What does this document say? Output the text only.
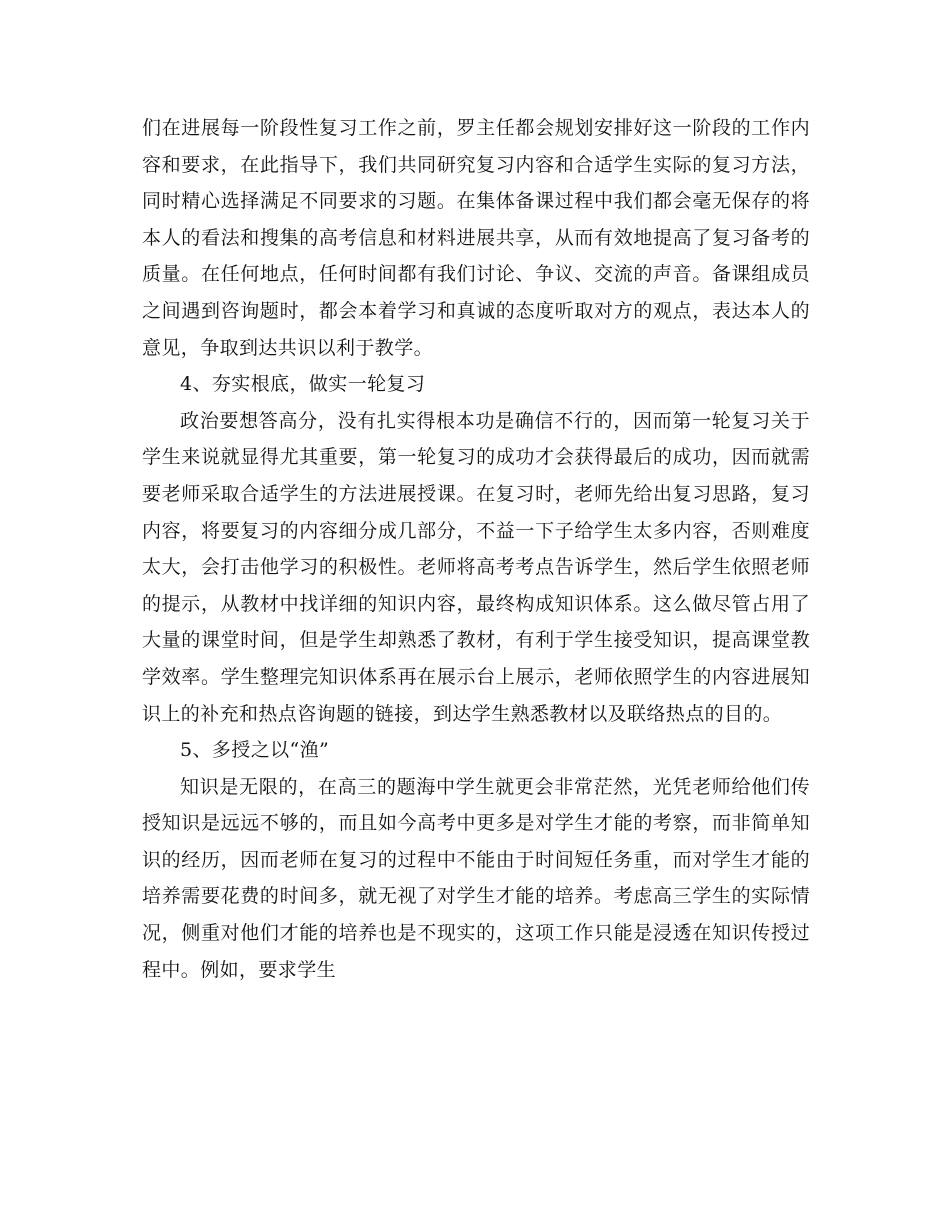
们在进展每一阶段性复习工作之前，罗主任都会规划安排好这一阶段的工作内容和要求，在此指导下，我们共同研究复习内容和合适学生实际的复习方法，同时精心选择满足不同要求的习题。在集体备课过程中我们都会毫无保存的将本人的看法和搜集的高考信息和材料进展共享，从而有效地提高了复习备考的质量。在任何地点，任何时间都有我们讨论、争议、交流的声音。备课组成员之间遇到咨询题时，都会本着学习和真诚的态度听取对方的观点，表达本人的意见，争取到达共识以利于教学。

4、夯实根底，做实一轮复习

政治要想答高分，没有扎实得根本功是确信不行的，因而第一轮复习关于学生来说就显得尤其重要，第一轮复习的成功才会获得最后的成功，因而就需要老师采取合适学生的方法进展授课。在复习时，老师先给出复习思路，复习内容，将要复习的内容细分成几部分，不益一下子给学生太多内容，否则难度太大，会打击他学习的积极性。老师将高考考点告诉学生，然后学生依照老师的提示，从教材中找详细的知识内容，最终构成知识体系。这么做尽管占用了大量的课堂时间，但是学生却熟悉了教材，有利于学生接受知识，提高课堂教学效率。学生整理完知识体系再在展示台上展示，老师依照学生的内容进展知识上的补充和热点咨询题的链接，到达学生熟悉教材以及联络热点的目的。

5、多授之以“渔”

知识是无限的，在高三的题海中学生就更会非常茫然，光凭老师给他们传授知识是远远不够的，而且如今高考中更多是对学生才能的考察，而非简单知识的经历，因而老师在复习的过程中不能由于时间短任务重，而对学生才能的培养需要花费的时间多，就无视了对学生才能的培养。考虑高三学生的实际情况，侧重对他们才能的培养也是不现实的，这项工作只能是浸透在知识传授过程中。例如，要求学生
